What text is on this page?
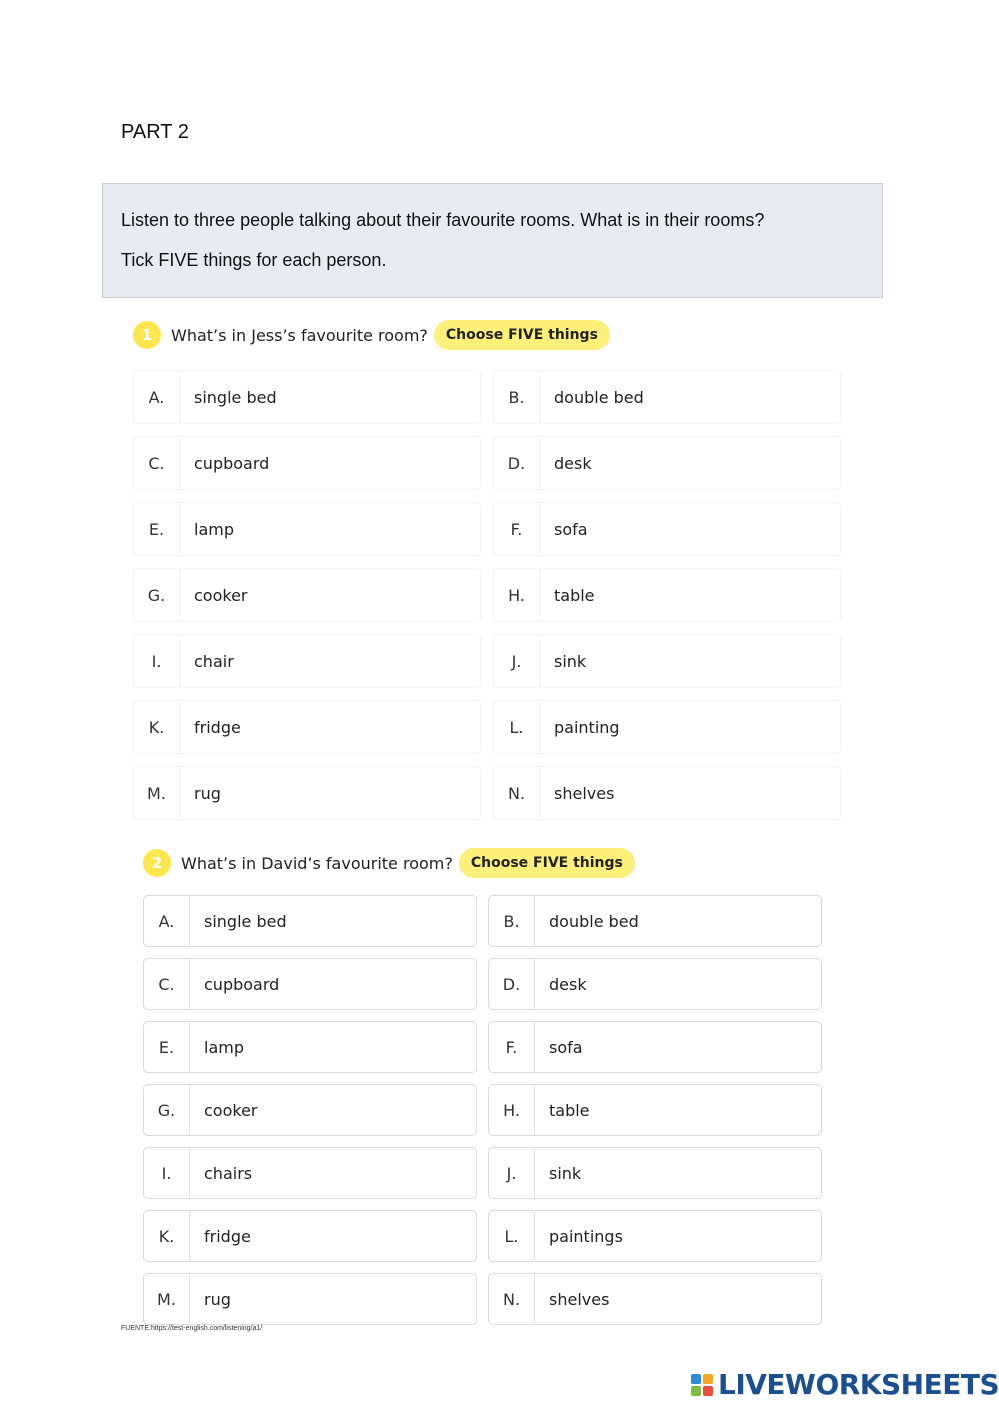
PART 2
Listen to three people talking about their favourite rooms. What is in their rooms?
Tick FIVE things for each person.
1	What’s in Jess’s favourite room?	Choose FIVE things
A.	single bed	B.	double bed
C.	cupboard	D.	desk
E.	lamp	F.	sofa
G.	cooker	H.	table
I.	chair	J.	sink
K.	fridge	L.	painting
M.	rug	N.	shelves
2	What’s in David’s favourite room?	Choose FIVE things
A.	single bed	B.	double bed
C.	cupboard	D.	desk
E.	lamp	F.	sofa
G.	cooker	H.	table
I.	chairs	J.	sink
K.	fridge	L.	paintings
M.	rug	N.	shelves
FUENTE:https://test-english.com/listening/a1/
LIVEWORKSHEETS
